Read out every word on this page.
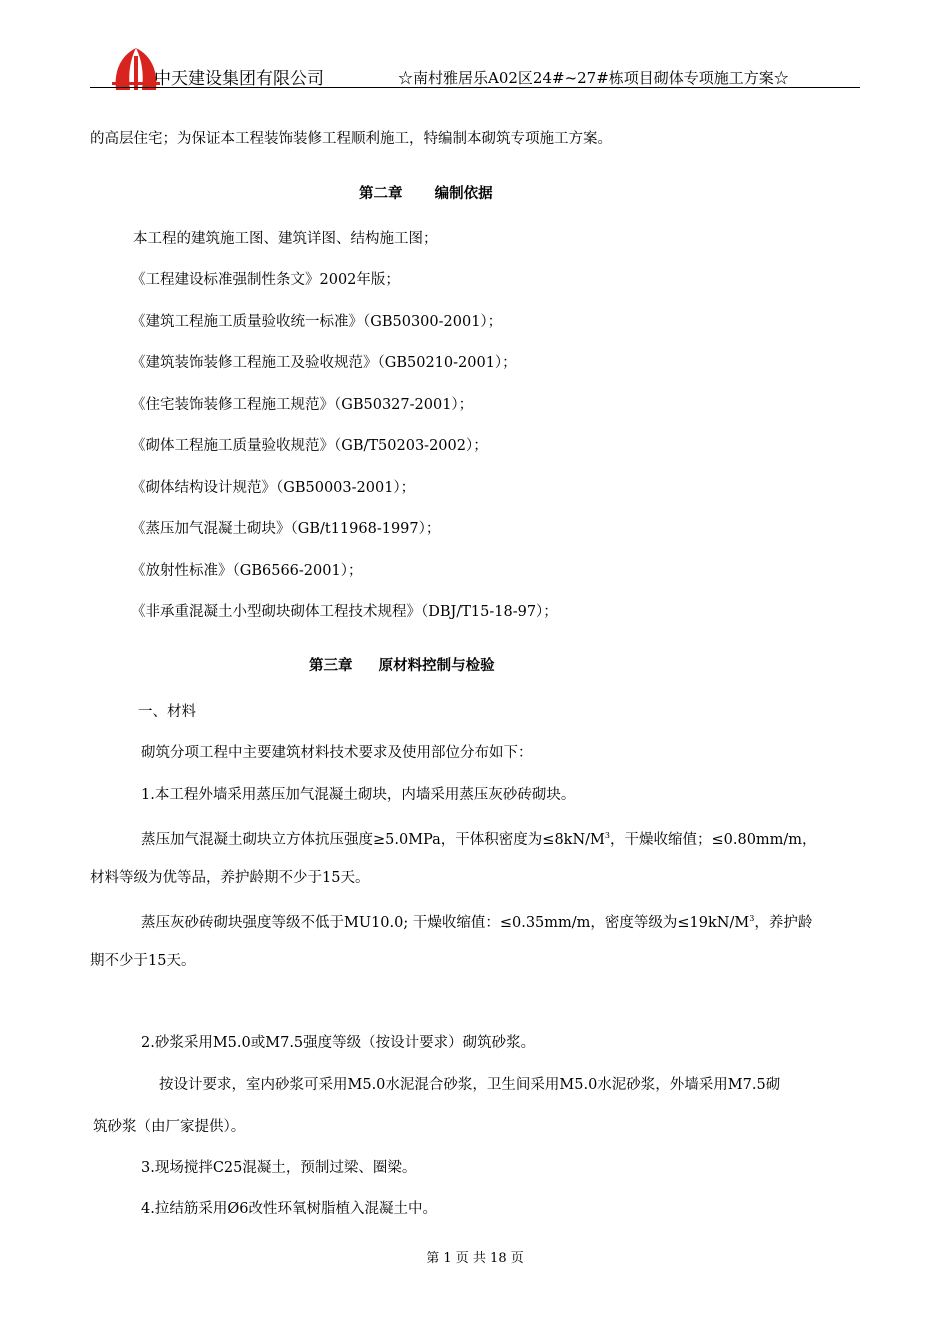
中天建设集团有限公司	☆南村雅居乐A02区24#~27#栋项目砌体专项施工方案☆
的高层住宅；为保证本工程装饰装修工程顺利施工，特编制本砌筑专项施工方案。
第二章 编制依据
本工程的建筑施工图、建筑详图、结构施工图；
《工程建设标准强制性条文》2002年版；
《建筑工程施工质量验收统一标准》（GB50300-2001）；
《建筑装饰装修工程施工及验收规范》（GB50210-2001）；
《住宅装饰装修工程施工规范》（GB50327-2001）；
《砌体工程施工质量验收规范》（GB/T50203-2002）；
《砌体结构设计规范》（GB50003-2001）；
《蒸压加气混凝土砌块》（GB/t11968-1997）；
《放射性标准》（GB6566-2001）；
《非承重混凝土小型砌块砌体工程技术规程》（DBJ/T15-18-97）；
第三章 原材料控制与检验
一、材料
砌筑分项工程中主要建筑材料技术要求及使用部位分布如下：
1.本工程外墙采用蒸压加气混凝土砌块，内墙采用蒸压灰砂砖砌块。
蒸压加气混凝土砌块立方体抗压强度≥5.0MPa，干体积密度为$\le 8kN/M^3$，干燥收缩值；≤0.80mm/m，
材料等级为优等品，养护龄期不少于15天。
蒸压灰砂砖砌块强度等级不低于MU10.0; 干燥收缩值：≤0.35mm/m，密度等级为$\le 19kN/M^3$，养护龄
期不少于15天。
2.砂浆采用M5.0或M7.5强度等级（按设计要求）砌筑砂浆。
按设计要求，室内砂浆可采用M5.0水泥混合砂浆，卫生间采用M5.0水泥砂浆，外墙采用M7.5砌
筑砂浆（由厂家提供）。
3.现场搅拌C25混凝土，预制过梁、圈梁。
4.拉结筋采用Ø6改性环氧树脂植入混凝土中。
第 1 页 共 18 页
